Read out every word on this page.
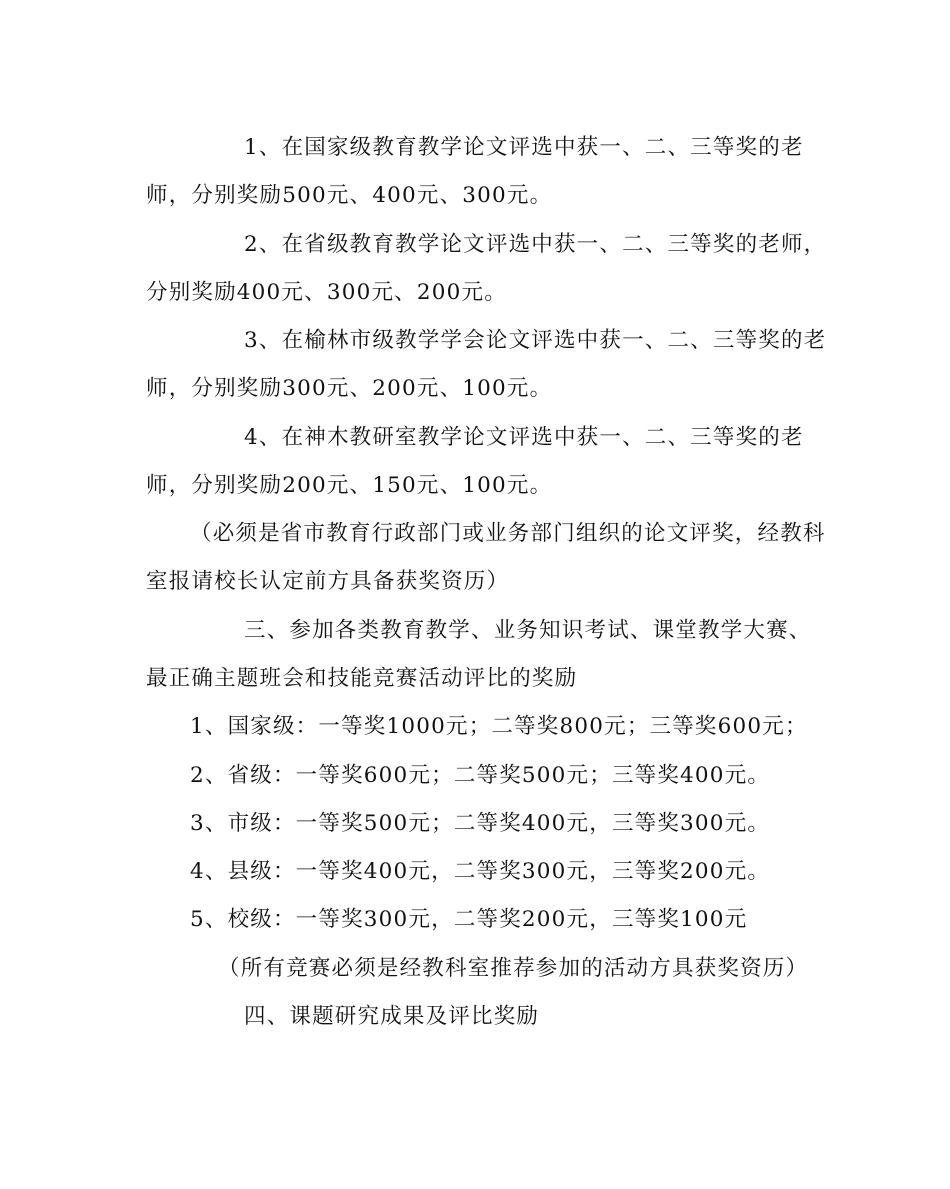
1、在国家级教育教学论文评选中获一、二、三等奖的老
师，分别奖励500元、400元、300元。
2、在省级教育教学论文评选中获一、二、三等奖的老师，
分别奖励400元、300元、200元。
3、在榆林市级教学学会论文评选中获一、二、三等奖的老
师，分别奖励300元、200元、100元。
4、在神木教研室教学论文评选中获一、二、三等奖的老
师，分别奖励200元、150元、100元。
（必须是省市教育行政部门或业务部门组织的论文评奖，经教科
室报请校长认定前方具备获奖资历）
三、参加各类教育教学、业务知识考试、课堂教学大赛、
最正确主题班会和技能竞赛活动评比的奖励
1、国家级：一等奖1000元；二等奖800元；三等奖600元；
2、省级：一等奖600元；二等奖500元；三等奖400元。
3、市级：一等奖500元；二等奖400元，三等奖300元。
4、县级：一等奖400元，二等奖300元，三等奖200元。
5、校级：一等奖300元，二等奖200元，三等奖100元
（所有竞赛必须是经教科室推荐参加的活动方具获奖资历）
四、课题研究成果及评比奖励
